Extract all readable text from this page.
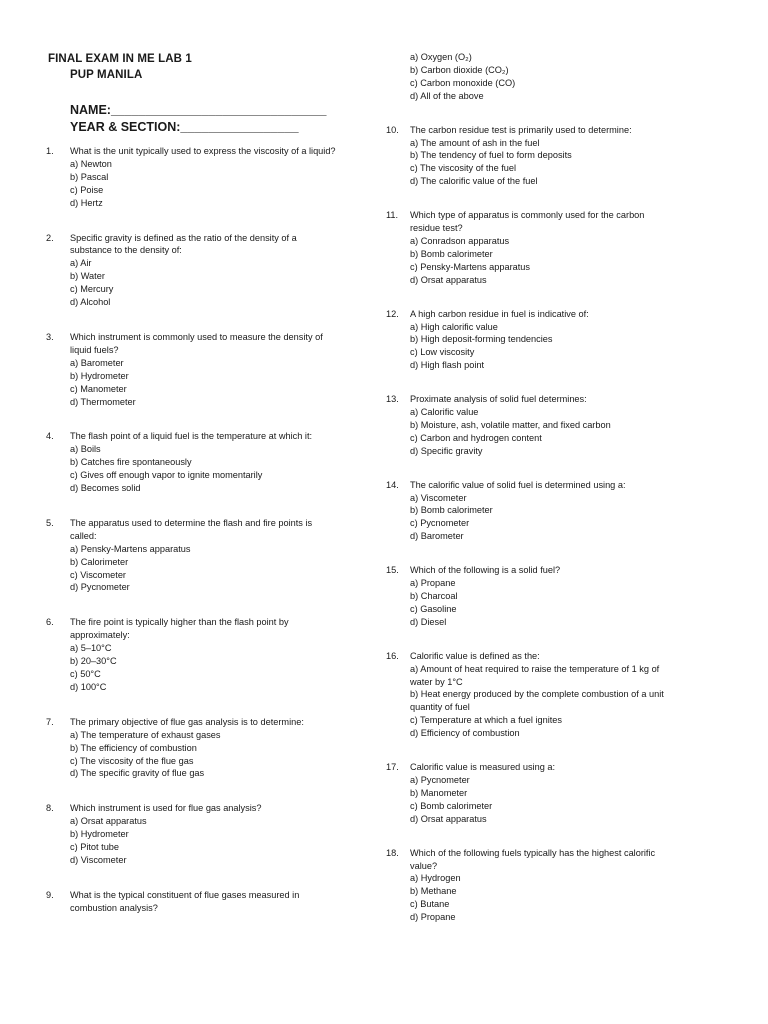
FINAL EXAM IN ME LAB 1
PUP MANILA
NAME:_______________________________
YEAR & SECTION:_________________
1. What is the unit typically used to express the viscosity of a liquid?

a) Newton

b) Pascal

c) Poise

d) Hertz

2. Specific gravity is defined as the ratio of the density of a substance to the density of:

a) Air

b) Water

c) Mercury

d) Alcohol

3. Which instrument is commonly used to measure the density of liquid fuels?

a) Barometer

b) Hydrometer

c) Manometer

d) Thermometer

4. The flash point of a liquid fuel is the temperature at which it:

a) Boils

b) Catches fire spontaneously

c) Gives off enough vapor to ignite momentarily

d) Becomes solid

5. The apparatus used to determine the flash and fire points is called:

a) Pensky-Martens apparatus

b) Calorimeter

c) Viscometer

d) Pycnometer

6. The fire point is typically higher than the flash point by approximately:

a) 5–10°C

b) 20–30°C

c) 50°C

d) 100°C

7. The primary objective of flue gas analysis is to determine:

a) The temperature of exhaust gases

b) The efficiency of combustion

c) The viscosity of the flue gas

d) The specific gravity of flue gas

8. Which instrument is used for flue gas analysis?

a) Orsat apparatus

b) Hydrometer

c) Pitot tube

d) Viscometer

9. What is the typical constituent of flue gases measured in combustion analysis?

a) Oxygen (O₂)

b) Carbon dioxide (CO₂)

c) Carbon monoxide (CO)

d) All of the above

10. The carbon residue test is primarily used to determine:

a) The amount of ash in the fuel

b) The tendency of fuel to form deposits

c) The viscosity of the fuel

d) The calorific value of the fuel

11. Which type of apparatus is commonly used for the carbon residue test?

a) Conradson apparatus

b) Bomb calorimeter

c) Pensky-Martens apparatus

d) Orsat apparatus

12. A high carbon residue in fuel is indicative of:

a) High calorific value

b) High deposit-forming tendencies

c) Low viscosity

d) High flash point

13. Proximate analysis of solid fuel determines:

a) Calorific value

b) Moisture, ash, volatile matter, and fixed carbon

c) Carbon and hydrogen content

d) Specific gravity

14. The calorific value of solid fuel is determined using a:

a) Viscometer

b) Bomb calorimeter

c) Pycnometer

d) Barometer

15. Which of the following is a solid fuel?

a) Propane

b) Charcoal

c) Gasoline

d) Diesel

16. Calorific value is defined as the:

a) Amount of heat required to raise the temperature of 1 kg of water by 1°C

b) Heat energy produced by the complete combustion of a unit quantity of fuel

c) Temperature at which a fuel ignites

d) Efficiency of combustion

17. Calorific value is measured using a:

a) Pycnometer

b) Manometer

c) Bomb calorimeter

d) Orsat apparatus

18. Which of the following fuels typically has the highest calorific value?

a) Hydrogen

b) Methane

c) Butane

d) Propane
